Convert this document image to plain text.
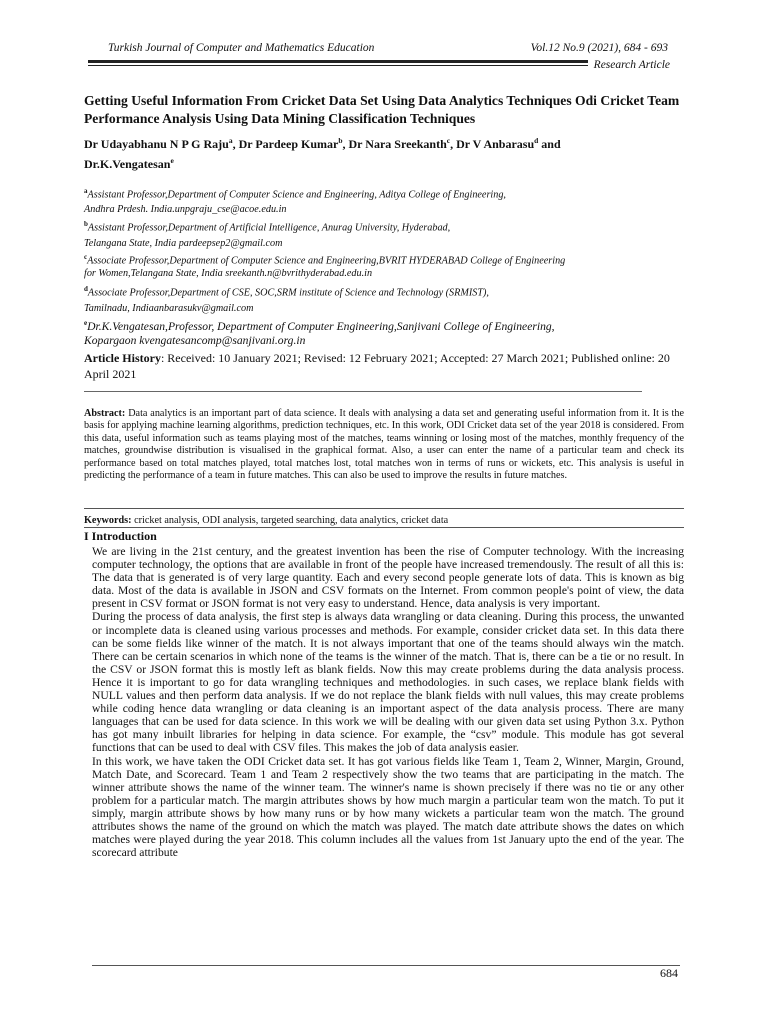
Turkish Journal of Computer and Mathematics Education	Vol.12 No.9 (2021), 684 - 693
Research Article
Getting Useful Information From Cricket Data Set Using Data Analytics Techniques Odi Cricket Team Performance Analysis Using Data Mining Classification Techniques
Dr Udayabhanu N P G Raju$^a$, Dr Pardeep Kumar$^b$, Dr Nara Sreekanth$^c$, Dr V Anbarasu$^d$ and
Dr.K.Vengatesan$^e$

$^a$Assistant Professor,Department of Computer Science and Engineering, Aditya College of Engineering,
Andhra Prdesh. India.unpgraju_cse@acoe.edu.in

$^b$Assistant Professor,Department of Artificial Intelligence, Anurag University, Hyderabad,
Telangana State, India pardeepsep2@gmail.com

$^c$Associate Professor,Department of Computer Science and Engineering,BVRIT HYDERABAD College of Engineering
for Women,Telangana State, India sreekanth.n@bvrithyderabad.edu.in

$^d$Associate Professor,Department of CSE, SOC,SRM institute of Science and Technology (SRMIST),
Tamilnadu, Indiaanbarasukv@gmail.com

$^e$Dr.K.Vengatesan,Professor, Department of Computer Engineering,Sanjivani College of Engineering,
Kopargaon kvengatesancomp@sanjivani.org.in

Article History: Received: 10 January 2021; Revised: 12 February 2021; Accepted: 27 March 2021; Published online: 20 April 2021
Abstract: Data analytics is an important part of data science. It deals with analysing a data set and generating useful information from it. It is the basis for applying machine learning algorithms, prediction techniques, etc. In this work, ODI Cricket data set of the year 2018 is considered. From this data, useful information such as teams playing most of the matches, teams winning or losing most of the matches, monthly frequency of the matches, groundwise distribution is visualised in the graphical format. Also, a user can enter the name of a particular team and check its performance based on total matches played, total matches lost, total matches won in terms of runs or wickets, etc. This analysis is useful in predicting the performance of a team in future matches. This can also be used to improve the results in future matches.
Keywords: cricket analysis, ODI analysis, targeted searching, data analytics, cricket data
I Introduction

We are living in the 21st century, and the greatest invention has been the rise of Computer technology. With the increasing computer technology, the options that are available in front of the people have increased tremendously. The result of all this is: The data that is generated is of very large quantity. Each and every second people generate lots of data. This is known as big data. Most of the data is available in JSON and CSV formats on the Internet. From common people's point of view, the data present in CSV format or JSON format is not very easy to understand. Hence, data analysis is very important.

During the process of data analysis, the first step is always data wrangling or data cleaning. During this process, the unwanted or incomplete data is cleaned using various processes and methods. For example, consider cricket data set. In this data there can be some fields like winner of the match. It is not always important that one of the teams should always win the match. There can be certain scenarios in which none of the teams is the winner of the match. That is, there can be a tie or no result. In the CSV or JSON format this is mostly left as blank fields. Now this may create problems during the data analysis process. Hence it is important to go for data wrangling techniques and methodologies. in such cases, we replace blank fields with NULL values and then perform data analysis. If we do not replace the blank fields with null values, this may create problems while coding hence data wrangling or data cleaning is an important aspect of the data analysis process. There are many languages that can be used for data science. In this work we will be dealing with our given data set using Python 3.x. Python has got many inbuilt libraries for helping in data science. For example, the “csv” module. This module has got several functions that can be used to deal with CSV files. This makes the job of data analysis easier.

In this work, we have taken the ODI Cricket data set. It has got various fields like Team 1, Team 2, Winner, Margin, Ground, Match Date, and Scorecard. Team 1 and Team 2 respectively show the two teams that are participating in the match. The winner attribute shows the name of the winner team. The winner's name is shown precisely if there was no tie or any other problem for a particular match. The margin attributes shows by how much margin a particular team won the match. To put it simply, margin attribute shows by how many runs or by how many wickets a particular team won the match. The ground attributes shows the name of the ground on which the match was played. The match date attribute shows the dates on which matches were played during the year 2018. This column includes all the values from 1st January upto the end of the year. The scorecard attribute

684
